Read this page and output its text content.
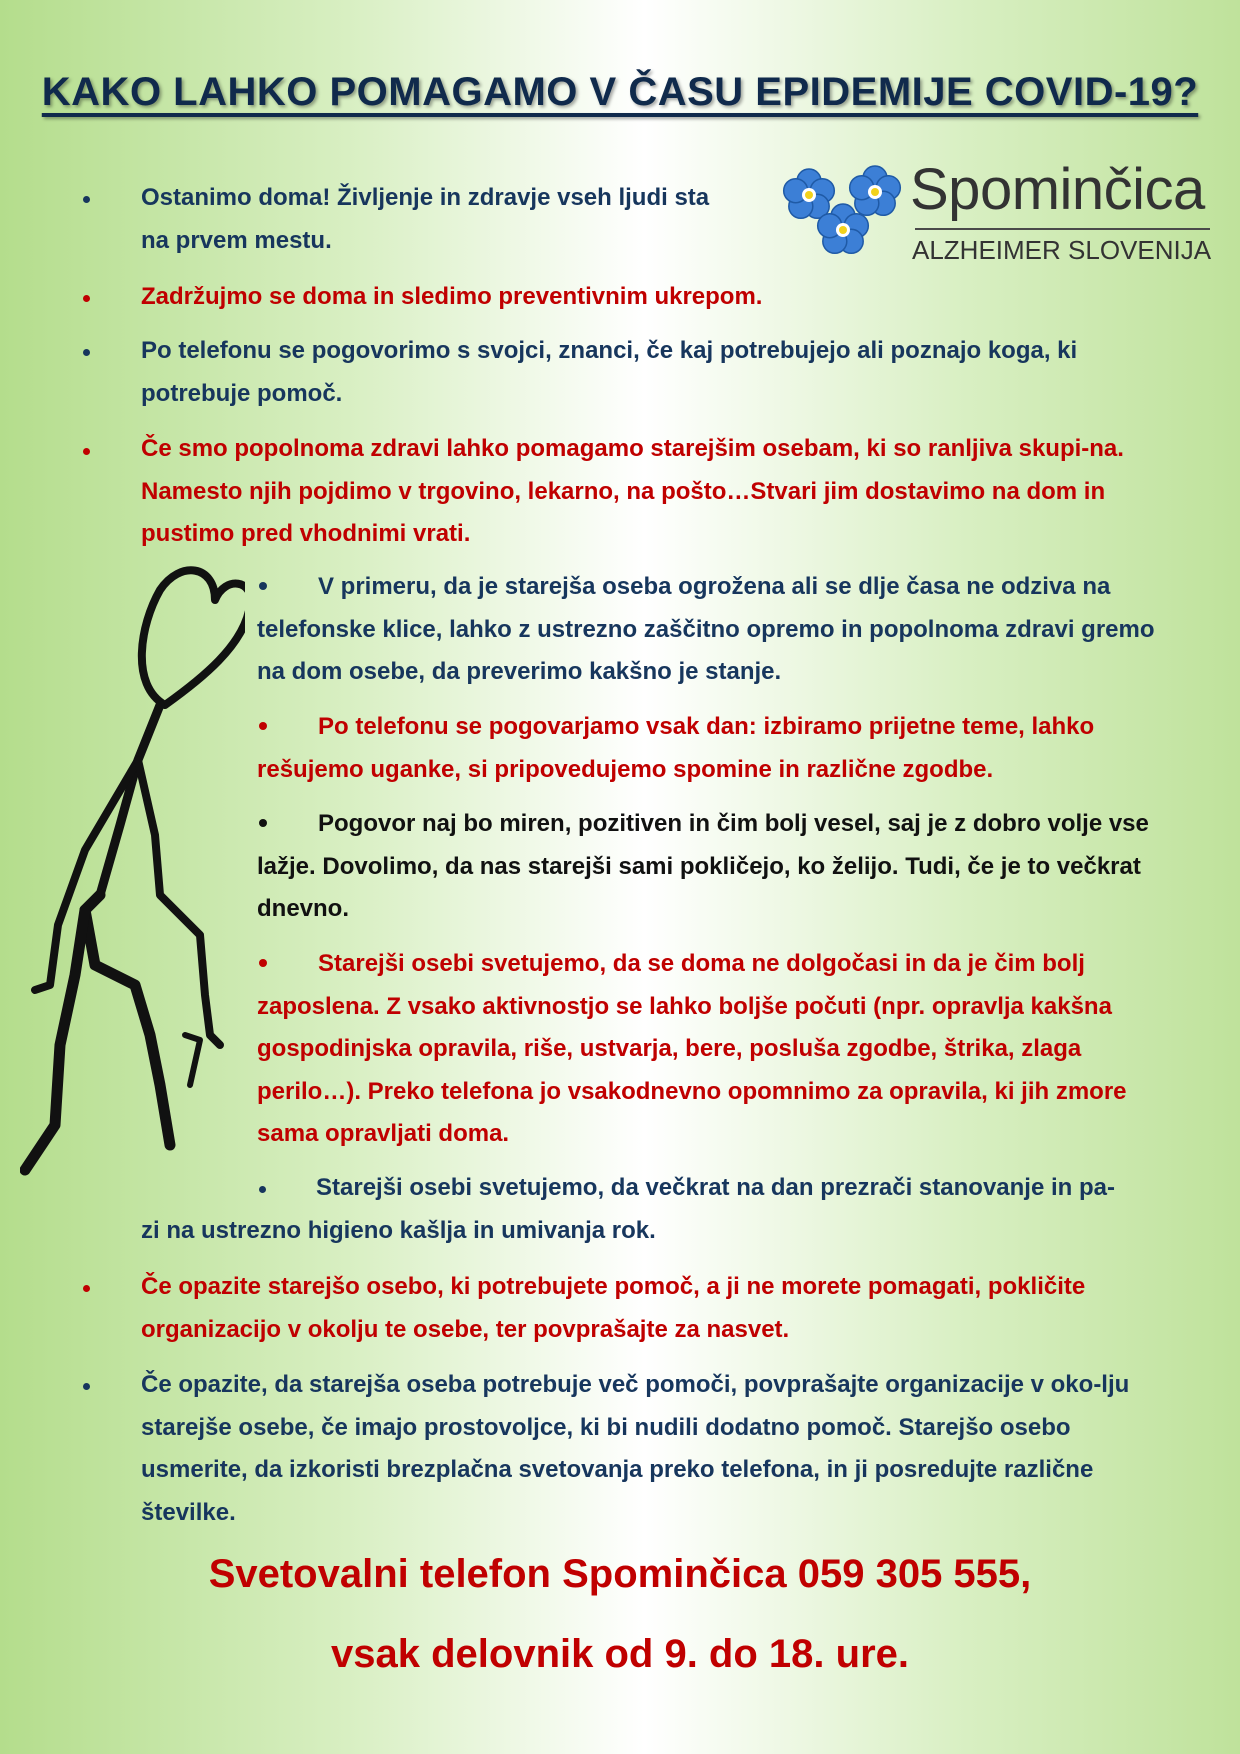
KAKO LAHKO POMAGAMO V ČASU EPIDEMIJE COVID-19?
Spominčica
ALZHEIMER SLOVENIJA

Ostanimo doma! Življenje in zdravje vseh ljudi sta
na prvem mestu.

Zadržujmo se doma in sledimo preventivnim ukrepom.

Po telefonu se pogovorimo s svojci, znanci, če kaj potrebujejo ali poznajo koga, ki potrebuje pomoč.

Če smo popolnoma zdravi lahko pomagamo starejšim osebam, ki so ranljiva skupi-na. Namesto njih pojdimo v trgovino, lekarno, na pošto…Stvari jim dostavimo na dom in pustimo pred vhodnimi vrati.

V primeru, da je starejša oseba ogrožena ali se dlje časa ne odziva na telefonske klice, lahko z ustrezno zaščitno opremo in popolnoma zdravi gremo na dom osebe, da preverimo kakšno je stanje.

Po telefonu se pogovarjamo vsak dan: izbiramo prijetne teme, lahko rešujemo uganke, si pripovedujemo spomine in različne zgodbe.

Pogovor naj bo miren, pozitiven in čim bolj vesel, saj je z dobro volje vse lažje. Dovolimo, da nas starejši sami pokličejo, ko želijo. Tudi, če je to večkrat dnevno.

Starejši osebi svetujemo, da se doma ne dolgočasi in da je čim bolj zaposlena. Z vsako aktivnostjo se lahko boljše počuti (npr. opravlja kakšna gospodinjska opravila, riše, ustvarja, bere, posluša zgodbe, štrika, zlaga perilo…). Preko telefona jo vsakodnevno opomnimo za opravila, ki jih zmore sama opravljati doma.

Starejši osebi svetujemo, da večkrat na dan prezrači stanovanje in pa-
zi na ustrezno higieno kašlja in umivanja rok.

Če opazite starejšo osebo, ki potrebujete pomoč, a ji ne morete pomagati, pokličite organizacijo v okolju te osebe, ter povprašajte za nasvet.

Če opazite, da starejša oseba potrebuje več pomoči, povprašajte organizacije v oko-lju starejše osebe, če imajo prostovoljce, ki bi nudili dodatno pomoč. Starejšo osebo usmerite, da izkoristi brezplačna svetovanja preko telefona, in ji posredujte različne številke.

Svetovalni telefon Spominčica 059 305 555,

vsak delovnik od 9. do 18. ure.
